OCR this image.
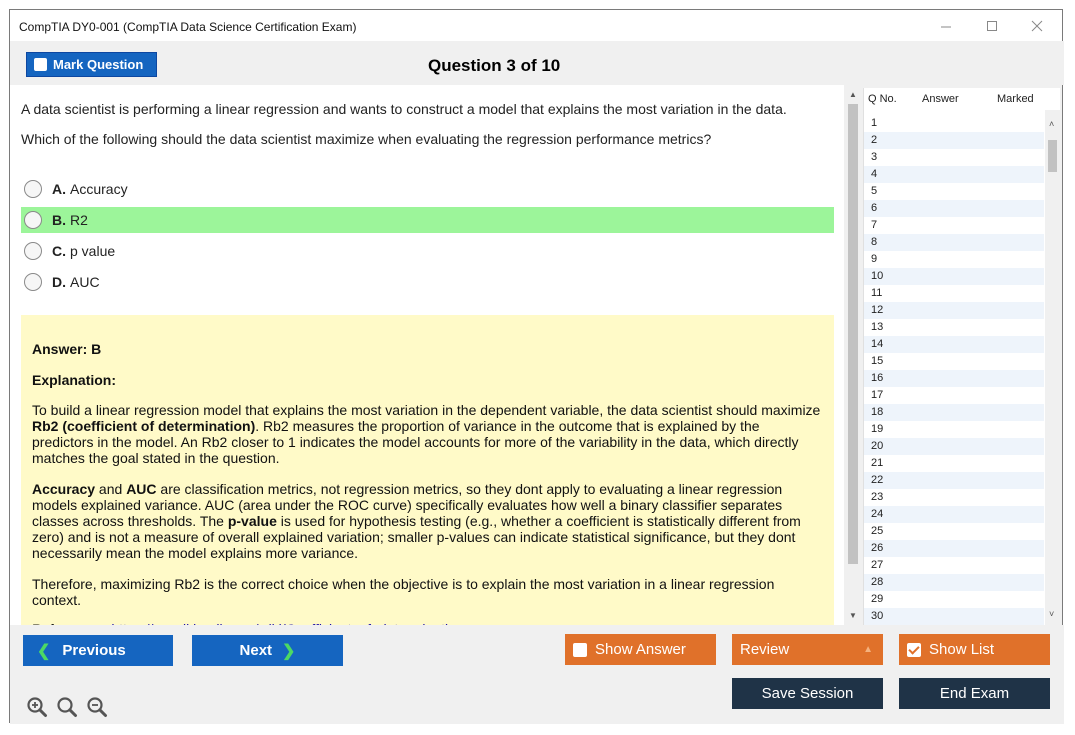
CompTIA DY0-001 (CompTIA Data Science Certification Exam)
Mark Question	Question 3 of 10
A data scientist is performing a linear regression and wants to construct a model that explains the most variation in the data.
Which of the following should the data scientist maximize when evaluating the regression performance metrics?
A. Accuracy
B. R2
C. p value
D. AUC
Answer: B
Explanation:
To build a linear regression model that explains the most variation in the dependent variable, the data scientist should maximize Rb2 (coefficient of determination). Rb2 measures the proportion of variance in the outcome that is explained by the predictors in the model. An Rb2 closer to 1 indicates the model accounts for more of the variability in the data, which directly matches the goal stated in the question.
Accuracy and AUC are classification metrics, not regression metrics, so they dont apply to evaluating a linear regression models explained variance. AUC (area under the ROC curve) specifically evaluates how well a binary classifier separates classes across thresholds. The p-value is used for hypothesis testing (e.g., whether a coefficient is statistically different from zero) and is not a measure of overall explained variation; smaller p-values can indicate statistical significance, but they dont necessarily mean the model explains more variance.
Therefore, maximizing Rb2 is the correct choice when the objective is to explain the most variation in a linear regression context.
▲
▼
Q No. Answer	Marked
1
2
3
4
5
6
7
8
9
10
11
12
13
14
15
16
17
18
19
20
21
22
23
24
25
26
27
28
29
30
˄
˅
❮ Previous	Next ❯	Show Answer	Review	▲	Show List
Save Session	End Exam
